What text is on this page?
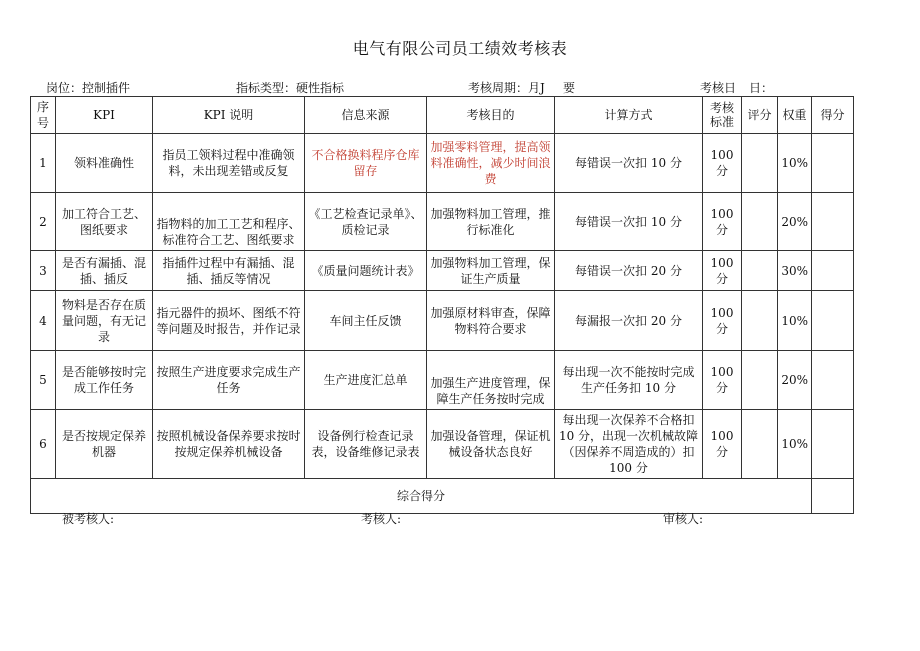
电气有限公司员工绩效考核表
岗位：控制插件	指标类型：硬性指标	考核周期：月J 要	考核日 日：
序号	KPI	KPI 说明	信息来源	考核目的	计算方式	考核标准	评分	权重	得分
1	领料准确性	指员工领料过程中准确领料，未出现差错或反复	不合格换料程序仓库留存	加强零料管理，提高领料准确性，减少时间浪费	每错误一次扣 10 分	100 分		10%	
2	加工符合工艺、图纸要求	指物料的加工工艺和程序、标准符合工艺、图纸要求	《工艺检查记录单》、质检记录	加强物料加工管理，推行标准化	每错误一次扣 10 分	100 分		20%	
3	是否有漏插、混插、插反	指插件过程中有漏插、混插、插反等情况	《质量问题统计表》	加强物料加工管理，保证生产质量	每错误一次扣 20 分	100 分		30%	
4	物料是否存在质量问题，有无记录	指元器件的损坏、图纸不符等问题及时报告，并作记录	车间主任反馈	加强原材料审查，保障物料符合要求	每漏报一次扣 20 分	100 分		10%	
5	是否能够按时完成工作任务	按照生产进度要求完成生产任务	生产进度汇总单	加强生产进度管理，保障生产任务按时完成	每出现一次不能按时完成生产任务扣 10 分	100 分		20%	
6	是否按规定保养机器	按照机械设备保养要求按时按规定保养机械设备	设备例行检查记录表，设备维修记录表	加强设备管理，保证机械设备状态良好	每出现一次保养不合格扣 10 分，出现一次机械故障（因保养不周造成的）扣 100 分	100 分		10%	
综合得分									
被考核人:	考核人:	审核人:
